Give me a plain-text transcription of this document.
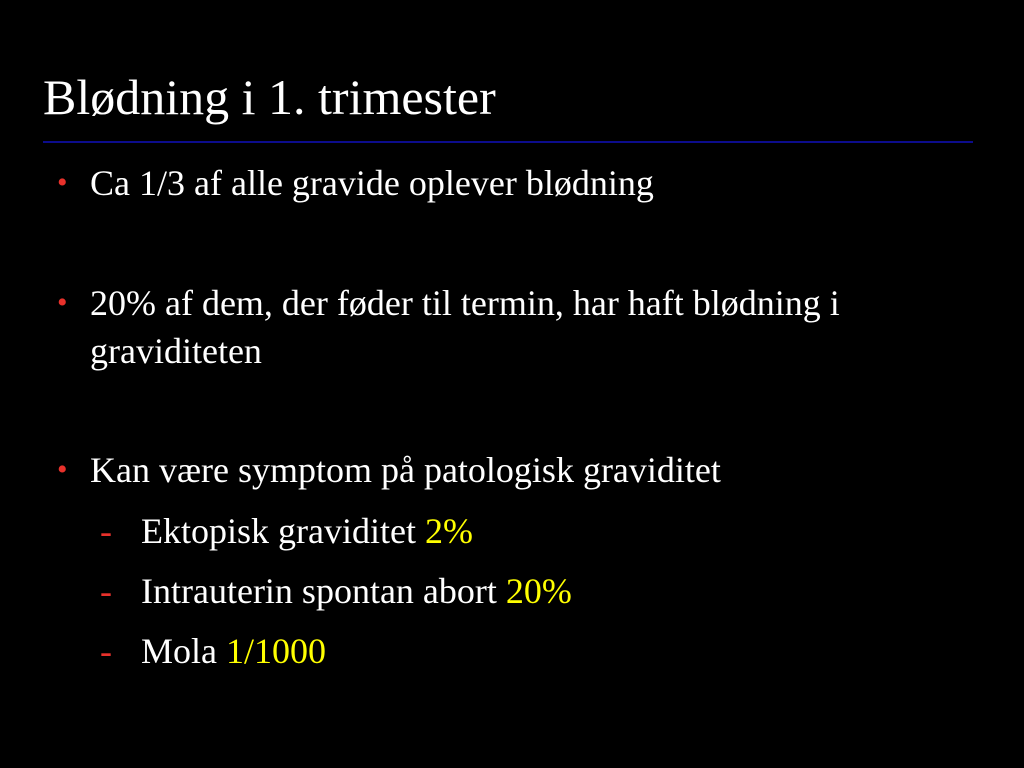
Blødning i 1. trimester
• Ca 1/3 af alle gravide oplever blødning
• 20% af dem, der føder til termin, har haft blødning i graviditeten
• Kan være symptom på patologisk graviditet
- Ektopisk graviditet 2%
- Intrauterin spontan abort 20%
- Mola 1/1000
